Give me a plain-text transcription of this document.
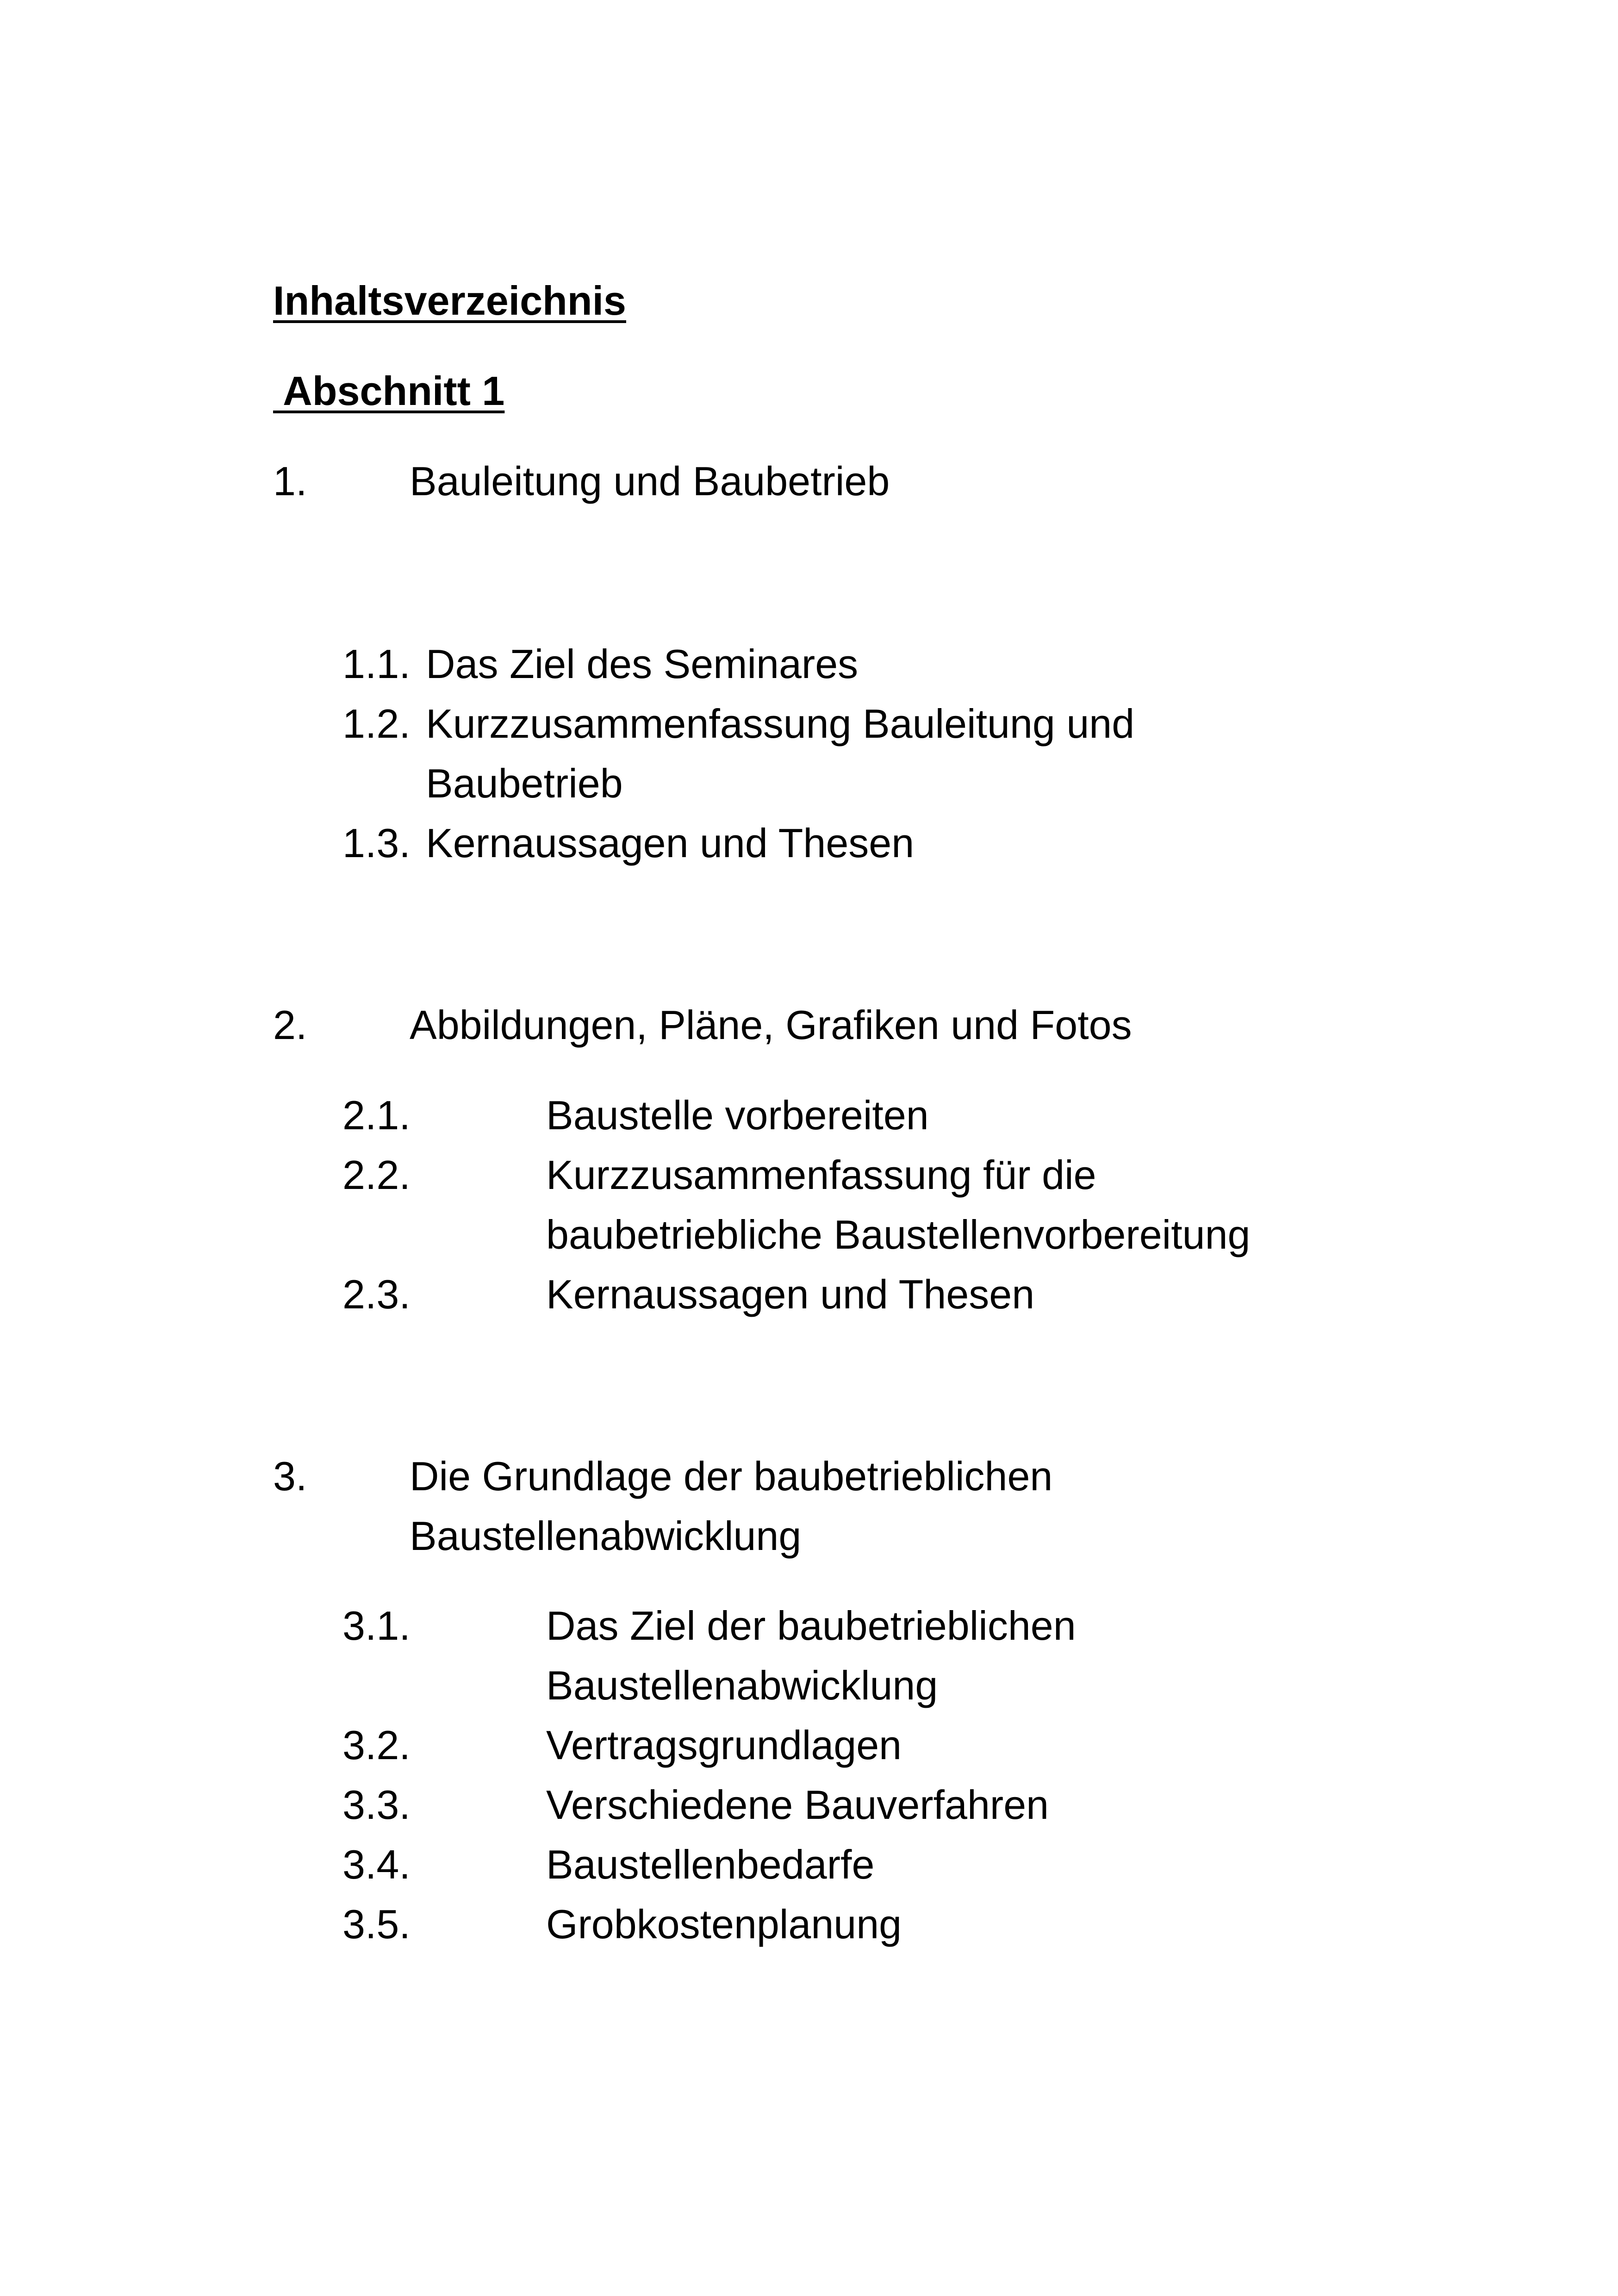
Inhaltsverzeichnis
Abschnitt 1
1.	Bauleitung und Baubetrieb
1.1. Das Ziel des Seminares
1.2. Kurzzusammenfassung Bauleitung und
Baubetrieb
1.3. Kernaussagen und Thesen
2.	Abbildungen, Pläne, Grafiken und Fotos
2.1.	Baustelle vorbereiten
2.2.	Kurzzusammenfassung für die
baubetriebliche Baustellenvorbereitung
2.3.	Kernaussagen und Thesen
3.	Die Grundlage der baubetrieblichen
Baustellenabwicklung
3.1.	Das Ziel der baubetrieblichen
Baustellenabwicklung
3.2.	Vertragsgrundlagen
3.3.	Verschiedene Bauverfahren
3.4.	Baustellenbedarfe
3.5.	Grobkostenplanung
